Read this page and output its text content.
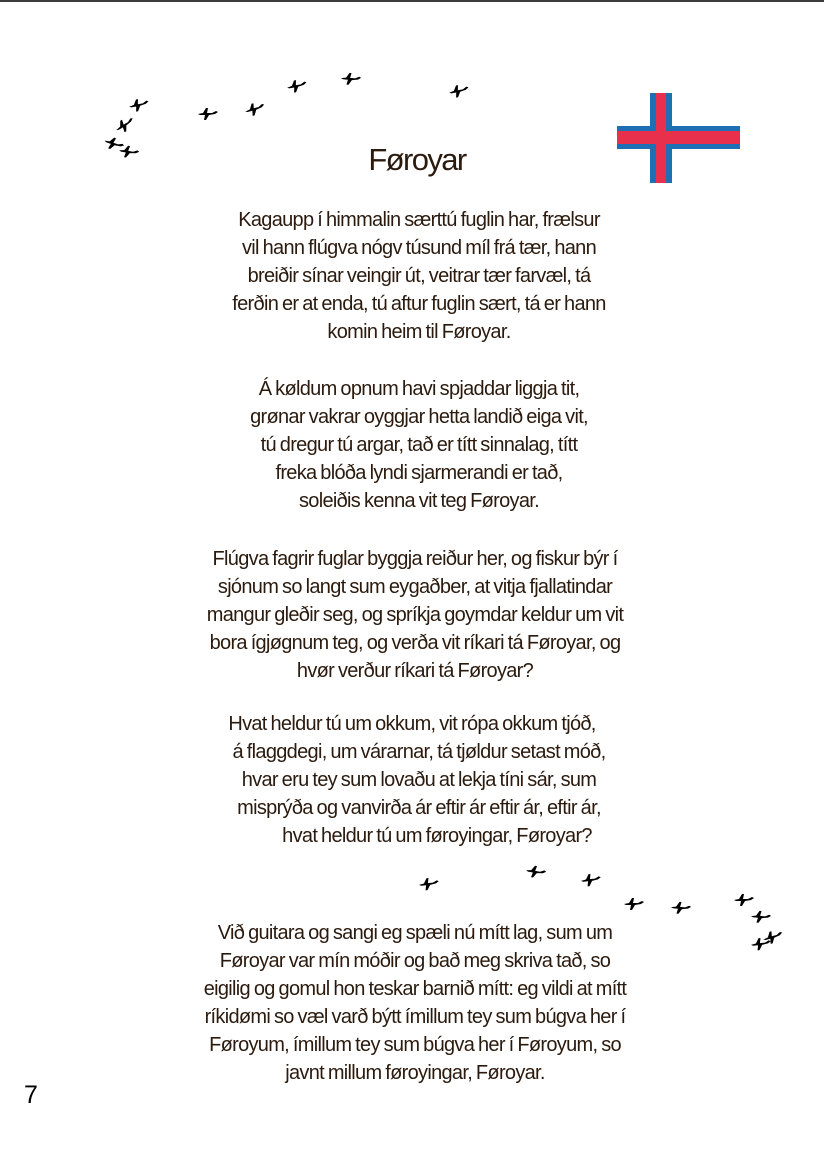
Føroyar

Kagaupp í himmalin særttú fuglin har, frælsur
vil hann flúgva nógv túsund míl frá tær, hann
breiðir sínar veingir út, veitrar tær farvæl, tá
ferðin er at enda, tú aftur fuglin sært, tá er hann
komin heim til Føroyar.

Á køldum opnum havi spjaddar liggja tit,
grønar vakrar oyggjar hetta landið eiga vit,
tú dregur tú argar, tað er títt sinnalag, títt
freka blóða lyndi sjarmerandi er tað,
soleiðis kenna vit teg Føroyar.

Flúgva fagrir fuglar byggja reiður her, og fiskur býr í
sjónum so langt sum eygaðber, at vitja fjallatindar
mangur gleðir seg, og spríkja goymdar keldur um vit
bora ígjøgnum teg, og verða vit ríkari tá Føroyar, og
hvør verður ríkari tá Føroyar?

Hvat heldur tú um okkum, vit rópa okkum tjóð,
á flaggdegi, um várarnar, tá tjøldur setast móð,
hvar eru tey sum lovaðu at lekja tíni sár, sum
misprýða og vanvirða ár eftir ár eftir ár, eftir ár,
hvat heldur tú um føroyingar, Føroyar?

Við guitara og sangi eg spæli nú mítt lag, sum um
Føroyar var mín móðir og bað meg skriva tað, so
eigilig og gomul hon teskar barnið mítt: eg vildi at mítt
ríkidømi so væl varð býtt ímillum tey sum búgva her í
Føroyum, ímillum tey sum búgva her í Føroyum, so
javnt millum føroyingar, Føroyar.

7
